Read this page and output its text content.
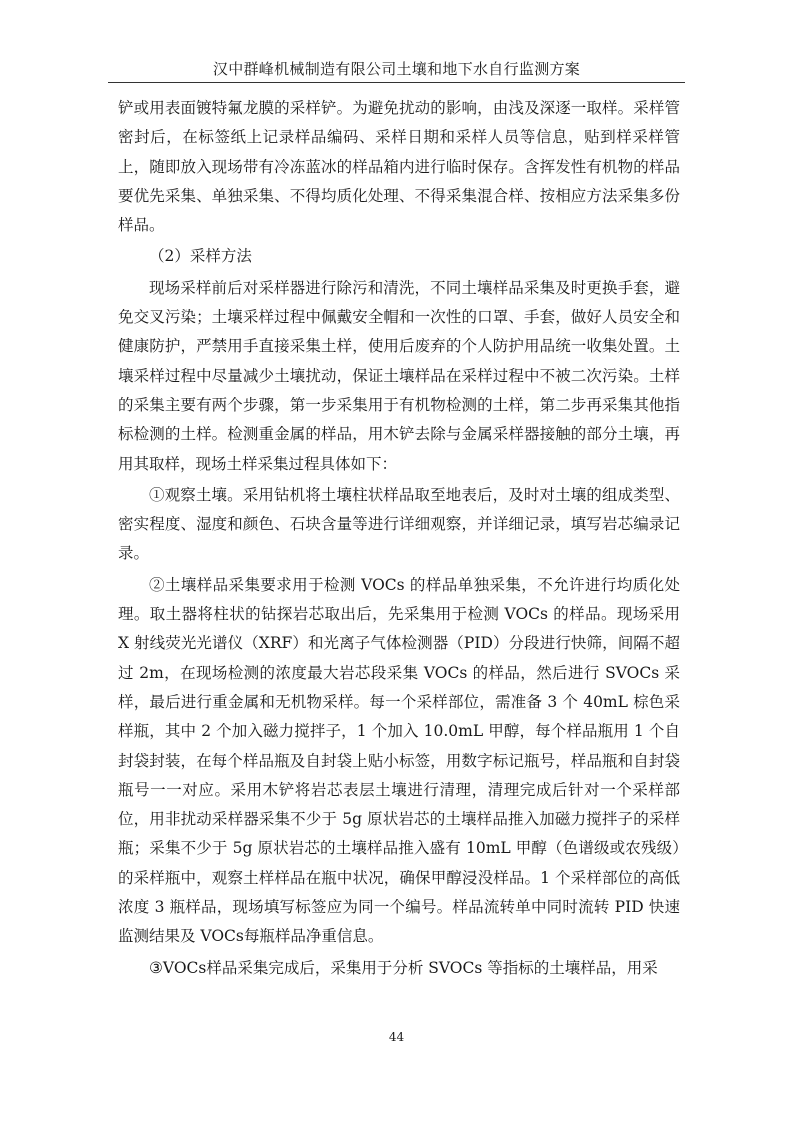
汉中群峰机械制造有限公司土壤和地下水自行监测方案

铲或用表面镀特氟龙膜的采样铲。为避免扰动的影响，由浅及深逐一取样。采样管密封后，在标签纸上记录样品编码、采样日期和采样人员等信息，贴到样采样管上，随即放入现场带有冷冻蓝冰的样品箱内进行临时保存。含挥发性有机物的样品要优先采集、单独采集、不得均质化处理、不得采集混合样、按相应方法采集多份样品。

（2）采样方法

现场采样前后对采样器进行除污和清洗，不同土壤样品采集及时更换手套，避免交叉污染；土壤采样过程中佩戴安全帽和一次性的口罩、手套，做好人员安全和健康防护，严禁用手直接采集土样，使用后废弃的个人防护用品统一收集处置。土壤采样过程中尽量减少土壤扰动，保证土壤样品在采样过程中不被二次污染。土样的采集主要有两个步骤，第一步采集用于有机物检测的土样，第二步再采集其他指标检测的土样。检测重金属的样品，用木铲去除与金属采样器接触的部分土壤，再用其取样，现场土样采集过程具体如下：

①观察土壤。采用钻机将土壤柱状样品取至地表后，及时对土壤的组成类型、密实程度、湿度和颜色、石块含量等进行详细观察，并详细记录，填写岩芯编录记录。

②土壤样品采集要求用于检测 VOCs 的样品单独采集，不允许进行均质化处理。取土器将柱状的钻探岩芯取出后，先采集用于检测 VOCs 的样品。现场采用 X 射线荧光光谱仪（XRF）和光离子气体检测器（PID）分段进行快筛，间隔不超过 2m，在现场检测的浓度最大岩芯段采集 VOCs 的样品，然后进行 SVOCs 采样，最后进行重金属和无机物采样。每一个采样部位，需准备 3 个 40mL 棕色采样瓶，其中 2 个加入磁力搅拌子，1 个加入 10.0mL 甲醇，每个样品瓶用 1 个自封袋封装，在每个样品瓶及自封袋上贴小标签，用数字标记瓶号，样品瓶和自封袋瓶号一一对应。采用木铲将岩芯表层土壤进行清理，清理完成后针对一个采样部位，用非扰动采样器采集不少于 5g 原状岩芯的土壤样品推入加磁力搅拌子的采样瓶；采集不少于 5g 原状岩芯的土壤样品推入盛有 10mL 甲醇（色谱级或农残级）的采样瓶中，观察土样样品在瓶中状况，确保甲醇浸没样品。1 个采样部位的高低浓度 3 瓶样品，现场填写标签应为同一个编号。样品流转单中同时流转 PID 快速监测结果及 VOCs每瓶样品净重信息。

③VOCs样品采集完成后，采集用于分析 SVOCs 等指标的土壤样品，用采

44
